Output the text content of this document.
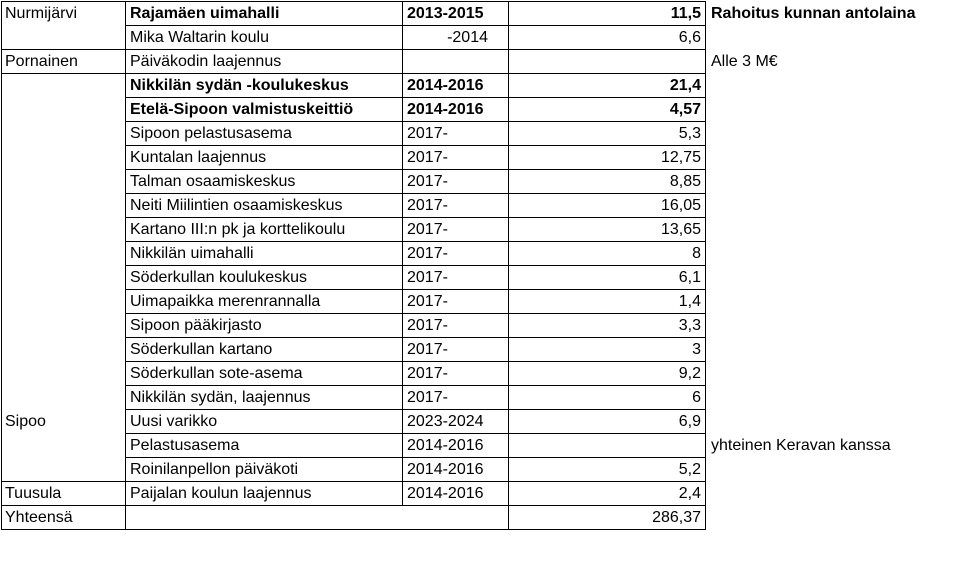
Nurmijärvi	Rajamäen uimahalli	2013-2015	11,5	Rahoitus kunnan antolaina
	Mika Waltarin koulu	-2014	6,6	
Pornainen	Päiväkodin laajennus			Alle 3 M€
	Nikkilän sydän -koulukeskus	2014-2016	21,4	
	Etelä-Sipoon valmistuskeittiö	2014-2016	4,57	
	Sipoon pelastusasema	2017-	5,3	
	Kuntalan laajennus	2017-	12,75	
	Talman osaamiskeskus	2017-	8,85	
	Neiti Miilintien osaamiskeskus	2017-	16,05	
	Kartano III:n pk ja korttelikoulu	2017-	13,65	
	Nikkilän uimahalli	2017-	8	
	Söderkullan koulukeskus	2017-	6,1	
	Uimapaikka merenrannalla	2017-	1,4	
	Sipoon pääkirjasto	2017-	3,3	
	Söderkullan kartano	2017-	3	
	Söderkullan sote-asema	2017-	9,2	
	Nikkilän sydän, laajennus	2017-	6	
Sipoo	Uusi varikko	2023-2024	6,9	
	Pelastusasema	2014-2016		yhteinen Keravan kanssa
	Roinilanpellon päiväkoti	2014-2016	5,2	
Tuusula	Paijalan koulun laajennus	2014-2016	2,4	
Yhteensä			286,37	
